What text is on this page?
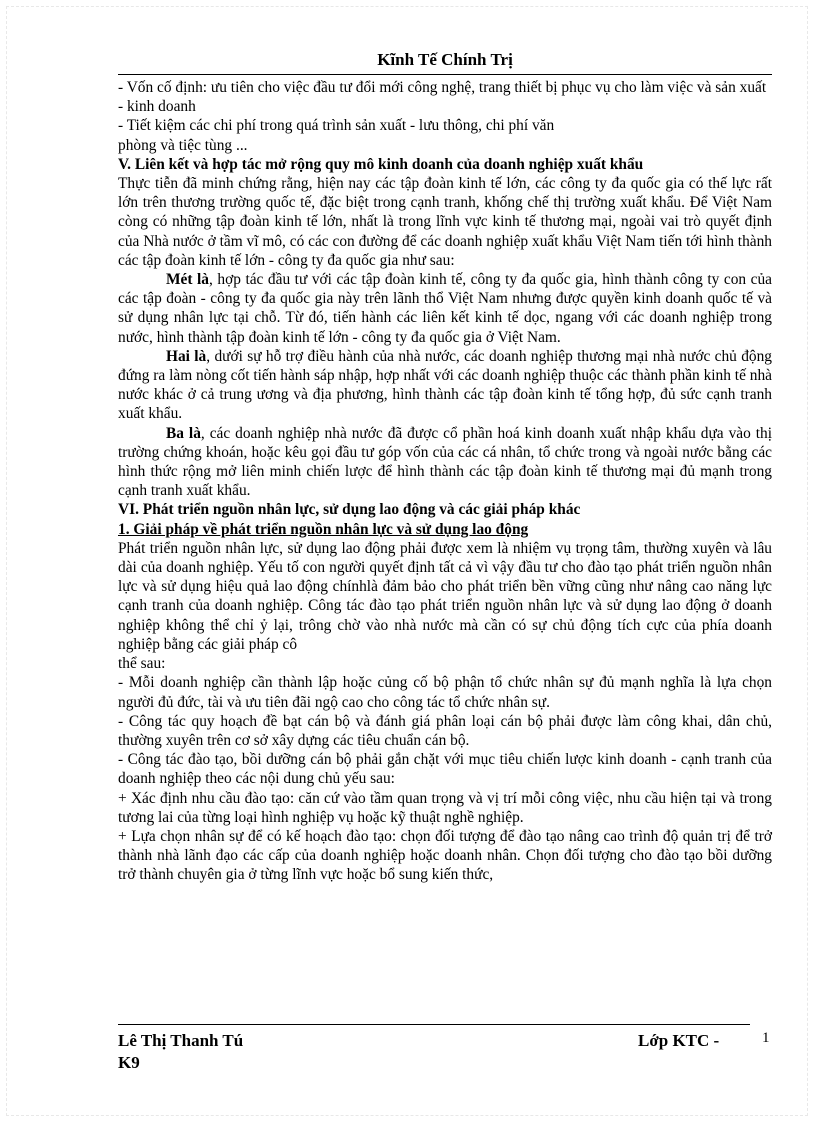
Kĩnh Tế Chính Trị

- Vốn cố định: ưu tiên cho việc đầu tư đổi mới công nghệ, trang thiết bị phục vụ cho làm việc và sản xuất - kinh doanh

- Tiết kiệm các chi phí trong quá trình sản xuất - lưu thông, chi phí văn

phòng và tiệc tùng ...

V. Liên kết và hợp tác mở rộng quy mô kinh doanh của doanh nghiệp xuất khẩu

Thực tiễn đã minh chứng rằng, hiện nay các tập đoàn kinh tế lớn, các công ty đa quốc gia có thế lực rất lớn trên thương trường quốc tế, đặc biệt trong cạnh tranh, khống chế thị trường xuất khẩu. Để Việt Nam còng có những tập đoàn kinh tế lớn, nhất là trong lĩnh vực kinh tế thương mại, ngoài vai trò quyết định của Nhà nước ở tầm vĩ mô, có các con đường để các doanh nghiệp xuất khẩu Việt Nam tiến tới hình thành các tập đoàn kinh tế lớn - công ty đa quốc gia như sau:

Mét là, hợp tác đầu tư với các tập đoàn kinh tế, công ty đa quốc gia, hình thành công ty con của các tập đoàn - công ty đa quốc gia này trên lãnh thổ Việt Nam nhưng được quyền kinh doanh quốc tế và sử dụng nhân lực tại chỗ. Từ đó, tiến hành các liên kết kinh tế dọc, ngang với các doanh nghiệp trong nước, hình thành tập đoàn kinh tế lớn - công ty đa quốc gia ở Việt Nam.

Hai là, dưới sự hỗ trợ điều hành của nhà nước, các doanh nghiệp thương mại nhà nước chủ động đứng ra làm nòng cốt tiến hành sáp nhập, hợp nhất với các doanh nghiệp thuộc các thành phần kinh tế nhà nước khác ở cả trung ương và địa phương, hình thành các tập đoàn kinh tế tổng hợp, đủ sức cạnh tranh xuất khẩu.

Ba là, các doanh nghiệp nhà nước đã được cổ phần hoá kinh doanh xuất nhập khẩu dựa vào thị trường chứng khoán, hoặc kêu gọi đầu tư góp vốn của các cá nhân, tổ chức trong và ngoài nước bằng các hình thức rộng mở liên minh chiến lược để hình thành các tập đoàn kinh tế thương mại đủ mạnh trong cạnh tranh xuất khẩu.

VI. Phát triển nguồn nhân lực, sử dụng lao động và các giải pháp khác

1. Giải pháp về phát triển nguồn nhân lực và sử dụng lao động

Phát triển nguồn nhân lực, sử dụng lao động phải được xem là nhiệm vụ trọng tâm, thường xuyên và lâu dài của doanh nghiệp. Yếu tố con người quyết định tất cả vì vậy đầu tư cho đào tạo phát triển nguồn nhân lực và sử dụng hiệu quả lao động chínhlà đảm bảo cho phát triển bền vững cũng như nâng cao năng lực cạnh tranh của doanh nghiệp. Công tác đào tạo phát triển nguồn nhân lực và sử dụng lao động ở doanh nghiệp không thể chỉ ỷ lại, trông chờ vào nhà nước mà cần có sự chủ động tích cực của phía doanh nghiệp bằng các giải pháp cô

thể sau:

- Mỗi doanh nghiệp cần thành lập hoặc củng cố bộ phận tổ chức nhân sự đủ mạnh nghĩa là lựa chọn người đủ đức, tài và ưu tiên đãi ngộ cao cho công tác tổ chức nhân sự.

- Công tác quy hoạch đề bạt cán bộ và đánh giá phân loại cán bộ phải được làm công khai, dân chủ, thường xuyên trên cơ sở xây dựng các tiêu chuẩn cán bộ.

- Công tác đào tạo, bồi dưỡng cán bộ phải gắn chặt với mục tiêu chiến lược kinh doanh - cạnh tranh của doanh nghiệp theo các nội dung chủ yếu sau:

+ Xác định nhu cầu đào tạo: căn cứ vào tầm quan trọng và vị trí mỗi công việc, nhu cầu hiện tại và trong tương lai của từng loại hình nghiệp vụ hoặc kỹ thuật nghề nghiệp.

+ Lựa chọn nhân sự để có kế hoạch đào tạo: chọn đối tượng để đào tạo nâng cao trình độ quản trị để trở thành nhà lãnh đạo các cấp của doanh nghiệp hoặc doanh nhân. Chọn đối tượng cho đào tạo bồi dưỡng trở thành chuyên gia ở từng lĩnh vực hoặc bổ sung kiến thức,

Lê Thị Thanh Tú
K9
Lớp KTC -	1
